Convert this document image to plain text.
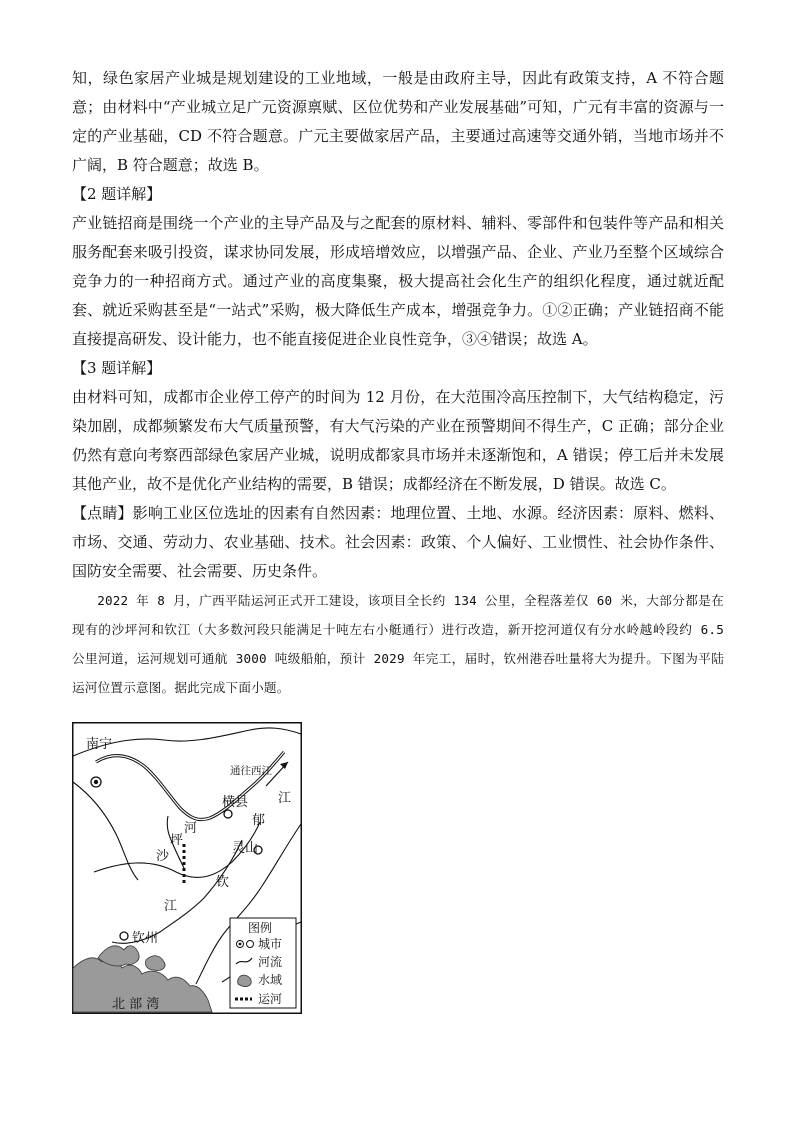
知，绿色家居产业城是规划建设的工业地域，一般是由政府主导，因此有政策支持，A 不符合题意；由材料中“产业城立足广元资源禀赋、区位优势和产业发展基础”可知，广元有丰富的资源与一定的产业基础，CD 不符合题意。广元主要做家居产品，主要通过高速等交通外销，当地市场并不广阔，B 符合题意；故选 B。

【2 题详解】

产业链招商是围绕一个产业的主导产品及与之配套的原材料、辅料、零部件和包装件等产品和相关服务配套来吸引投资，谋求协同发展，形成培增效应，以增强产品、企业、产业乃至整个区域综合竞争力的一种招商方式。通过产业的高度集聚，极大提高社会化生产的组织化程度，通过就近配套、就近采购甚至是“一站式”采购，极大降低生产成本，增强竞争力。①②正确；产业链招商不能直接提高研发、设计能力，也不能直接促进企业良性竞争，③④错误；故选 A。

【3 题详解】

由材料可知，成都市企业停工停产的时间为 12 月份，在大范围冷高压控制下，大气结构稳定，污染加剧，成都频繁发布大气质量预警，有大气污染的产业在预警期间不得生产，C 正确；部分企业仍然有意向考察西部绿色家居产业城，说明成都家具市场并未逐渐饱和，A 错误；停工后并未发展其他产业，故不是优化产业结构的需要，B 错误；成都经济在不断发展，D 错误。故选 C。

【点睛】影响工业区位选址的因素有自然因素：地理位置、土地、水源。经济因素：原料、燃料、市场、交通、劳动力、农业基础、技术。社会因素：政策、个人偏好、工业惯性、社会协作条件、国防安全需要、社会需要、历史条件。

2022 年 8 月，广西平陆运河正式开工建设，该项目全长约 134 公里，全程落差仅 60 米，大部分都是在现有的沙坪河和钦江（大多数河段只能满足十吨左右小艇通行）进行改造，新开挖河道仅有分水岭越岭段约 6.5 公里河道，运河规划可通航 3000 吨级船舶，预计 2029 年完工，届时，钦州港吞吐量将大为提升。下图为平陆运河位置示意图。据此完成下面小题。

南宁
通往西江
横县 江
郁
河
坪
沙
灵山
钦
江
钦州
北 部 湾
图例
城市
河流
水域
运河
